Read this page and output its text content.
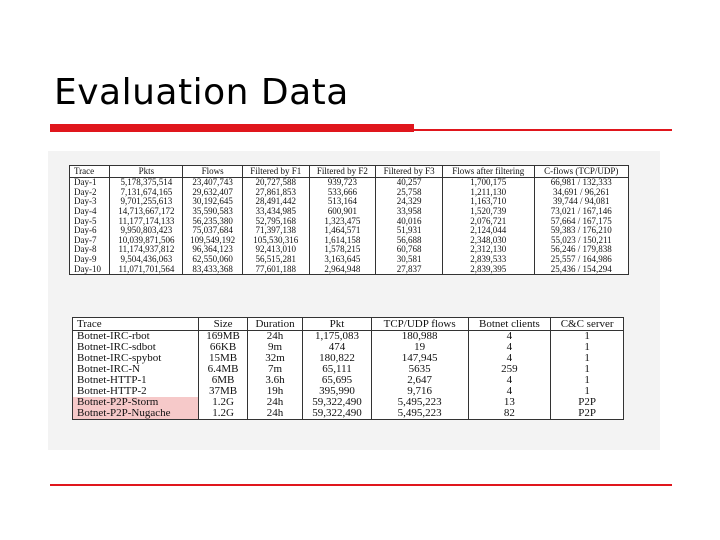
Evaluation Data
Trace	Pkts	Flows	Filtered by F1	Filtered by F2	Filtered by F3	Flows after filtering	C-flows (TCP/UDP)
Day-1	5,178,375,514	23,407,743	20,727,588	939,723	40,257	1,700,175	66,981 / 132,333
Day-2	7,131,674,165	29,632,407	27,861,853	533,666	25,758	1,211,130	34,691 / 96,261
Day-3	9,701,255,613	30,192,645	28,491,442	513,164	24,329	1,163,710	39,744 / 94,081
Day-4	14,713,667,172	35,590,583	33,434,985	600,901	33,958	1,520,739	73,021 / 167,146
Day-5	11,177,174,133	56,235,380	52,795,168	1,323,475	40,016	2,076,721	57,664 / 167,175
Day-6	9,950,803,423	75,037,684	71,397,138	1,464,571	51,931	2,124,044	59,383 / 176,210
Day-7	10,039,871,506	109,549,192	105,530,316	1,614,158	56,688	2,348,030	55,023 / 150,211
Day-8	11,174,937,812	96,364,123	92,413,010	1,578,215	60,768	2,312,130	56,246 / 179,838
Day-9	9,504,436,063	62,550,060	56,515,281	3,163,645	30,581	2,839,533	25,557 / 164,986
Day-10	11,071,701,564	83,433,368	77,601,188	2,964,948	27,837	2,839,395	25,436 / 154,294
Trace	Size	Duration	Pkt	TCP/UDP flows	Botnet clients	C&C server
Botnet-IRC-rbot	169MB	24h	1,175,083	180,988	4	1
Botnet-IRC-sdbot	66KB	9m	474	19	4	1
Botnet-IRC-spybot	15MB	32m	180,822	147,945	4	1
Botnet-IRC-N	6.4MB	7m	65,111	5635	259	1
Botnet-HTTP-1	6MB	3.6h	65,695	2,647	4	1
Botnet-HTTP-2	37MB	19h	395,990	9,716	4	1
Botnet-P2P-Storm	1.2G	24h	59,322,490	5,495,223	13	P2P
Botnet-P2P-Nugache	1.2G	24h	59,322,490	5,495,223	82	P2P
